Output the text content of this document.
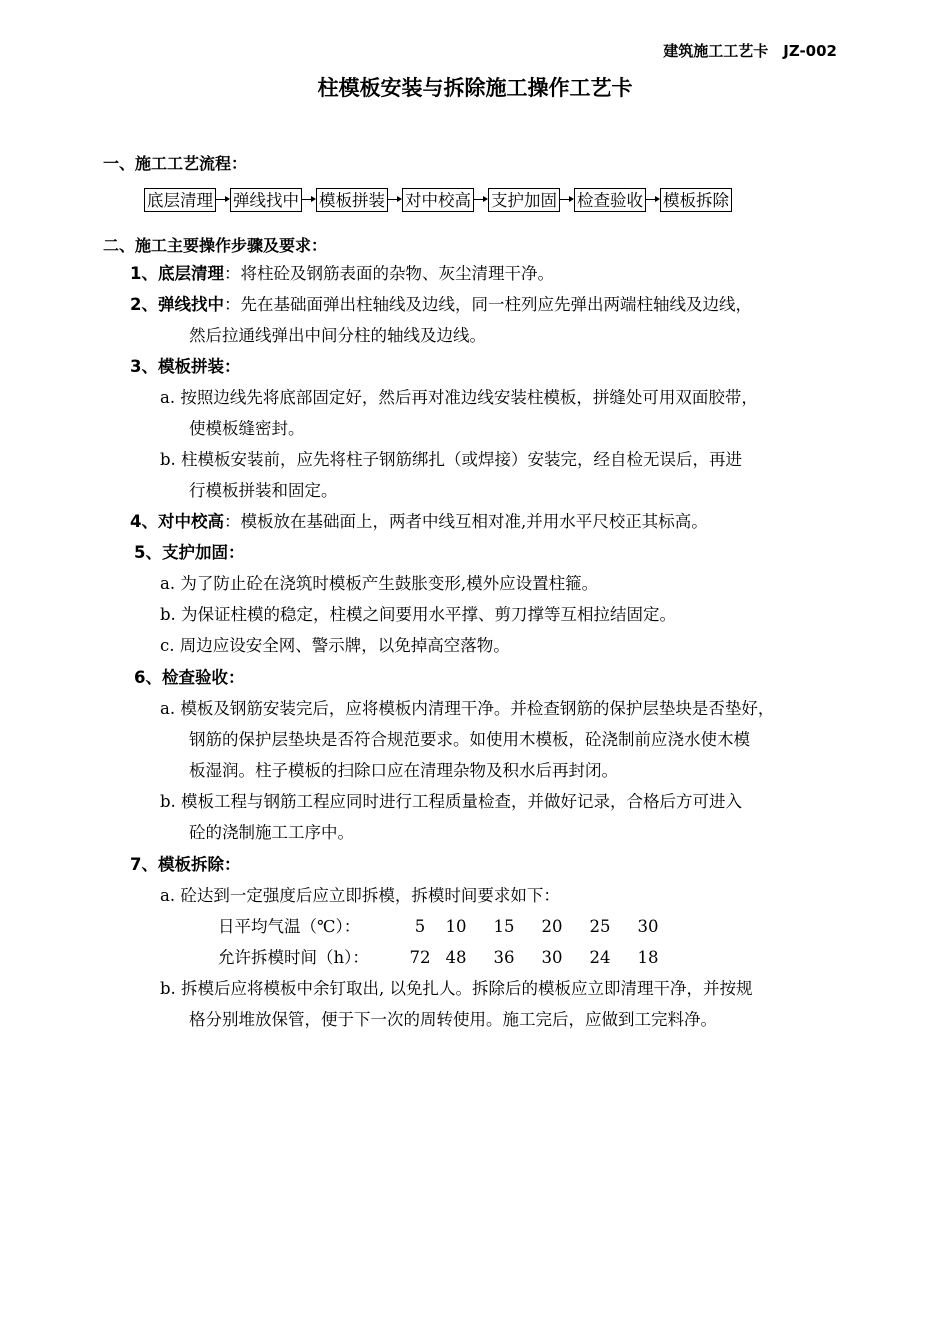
建筑施工工艺卡　JZ-002
柱模板安装与拆除施工操作工艺卡
一、施工工艺流程：
底层清理 弹线找中 模板拼装 对中校高 支护加固 检查验收 模板拆除
二、施工主要操作步骤及要求：
1、底层清理：将柱砼及钢筋表面的杂物、灰尘清理干净。
2、弹线找中：先在基础面弹出柱轴线及边线，同一柱列应先弹出两端柱轴线及边线，
然后拉通线弹出中间分柱的轴线及边线。
3、模板拼装：
a. 按照边线先将底部固定好，然后再对准边线安装柱模板，拼缝处可用双面胶带，
使模板缝密封。
b. 柱模板安装前，应先将柱子钢筋绑扎（或焊接）安装完，经自检无误后，再进
行模板拼装和固定。
4、对中校高：模板放在基础面上，两者中线互相对准,并用水平尺校正其标高。
5、支护加固：
a. 为了防止砼在浇筑时模板产生鼓胀变形,模外应设置柱箍。
b. 为保证柱模的稳定，柱模之间要用水平撑、剪刀撑等互相拉结固定。
c. 周边应设安全网、警示牌，以免掉高空落物。
6、检查验收：
a. 模板及钢筋安装完后，应将模板内清理干净。并检查钢筋的保护层垫块是否垫好，
钢筋的保护层垫块是否符合规范要求。如使用木模板，砼浇制前应浇水使木模
板湿润。柱子模板的扫除口应在清理杂物及积水后再封闭。
b. 模板工程与钢筋工程应同时进行工程质量检查，并做好记录，合格后方可进入
砼的浇制施工工序中。
7、模板拆除：
a. 砼达到一定强度后应立即拆模，拆模时间要求如下：
日平均气温（℃）：	5 10 15 20 25 30
允许拆模时间（h）： 72 48 36 30 24 18
b. 拆模后应将模板中余钉取出, 以免扎人。拆除后的模板应立即清理干净，并按规
格分别堆放保管，便于下一次的周转使用。施工完后，应做到工完料净。
